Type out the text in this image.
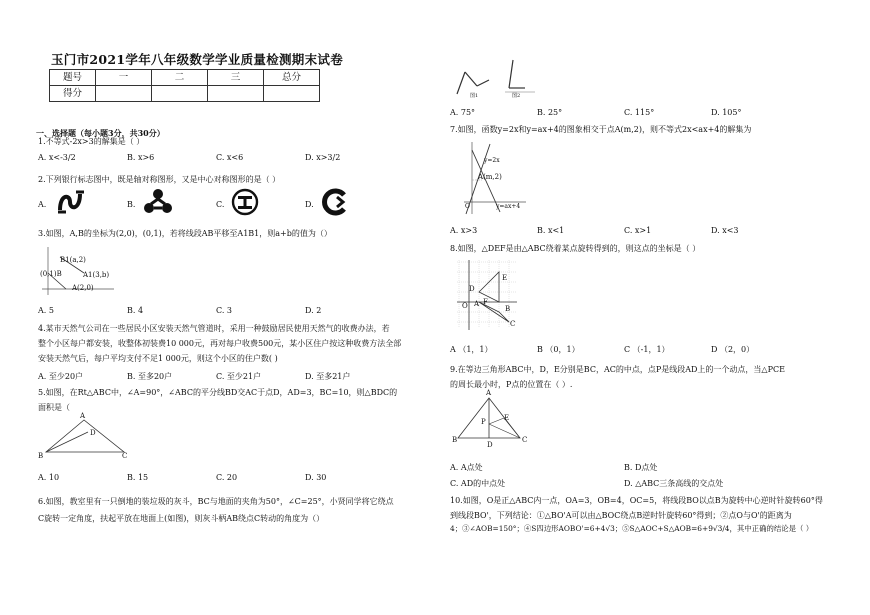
玉门市2021学年八年级数学学业质量检测期末试卷
题号	一	二	三	总分
得分				
一、选择题（每小题3分，共30分）
1.不等式-2x>3的解集是（ ）
A. x<-3/2	B. x>6	C. x<6	D. x>3/2
2.下列银行标志图中，既是轴对称图形，又是中心对称图形的是（ ）
A.	B.	C.	D.
3.如图，A,B的坐标为(2,0)，(0,1)，若将线段AB平移至A1B1，则a+b的值为（）
B1(a,2)
(0,1)B	A1(3,b)
A(2,0)
A. 5	B. 4	C. 3	D. 2
4.某市天然气公司在一些居民小区安装天然气管道时，采用一种鼓励居民使用天然气的收费办法，若
整个小区每户都安装，收整体初装费10 000元，再对每户收费500元，某小区住户按这种收费方法全部
安装天然气后，每户平均支付不足1 000元，则这个小区的住户数( )
A. 至少20户	B. 至多20户	C. 至少21户	D. 至多21户
5.如图，在Rt△ABC中，∠A=90°，∠ABC的平分线BD交AC于点D，AD=3，BC=10，则△BDC的
面积是（
A
D
B	C
A. 10	B. 15	C. 20	D. 30
6.如图，教室里有一只倒地的装垃圾的灰斗，BC与地面的夹角为50°，∠C=25°，小贤同学将它绕点
C旋转一定角度，扶起平放在地面上(如图)，则灰斗柄AB绕点C转动的角度为（）
图1	图2
A. 75°	B. 25°	C. 115°	D. 105°
7.如图，函数y=2x和y=ax+4的图象相交于点A(m,2)，则不等式2x<ax+4的解集为
y=2x
A(m,2)
y=ax+4
O
A. x>3	B. x<1	C. x>1	D. x<3
8.如图，△DEF是由△ABC绕着某点旋转得到的，则这点的坐标是（ ）
D
E
F
A
B
C
O
A （1，1）	B （0，1）	C （-1，1）	D （2，0）
9.在等边三角形ABC中，D，E分别是BC，AC的中点，点P是线段AD上的一个动点，当△PCE
的周长最小时，P点的位置在（ ）.
A
E
P
B
D
C
A. A点处	B. D点处
C. AD的中点处	D. △ABC三条高线的交点处
10.如图，O是正△ABC内一点，OA=3，OB=4，OC=5，将线段BO以点B为旋转中心逆时针旋转60°得
到线段BO'，下列结论：①△BO'A可以由△BOC绕点B逆时针旋转60°得到；②点O与O'的距离为
4；③∠AOB=150°；④S四边形AOBO'=6+4√3；⑤S△AOC+S△AOB=6+9√3/4，其中正确的结论是（ ）
